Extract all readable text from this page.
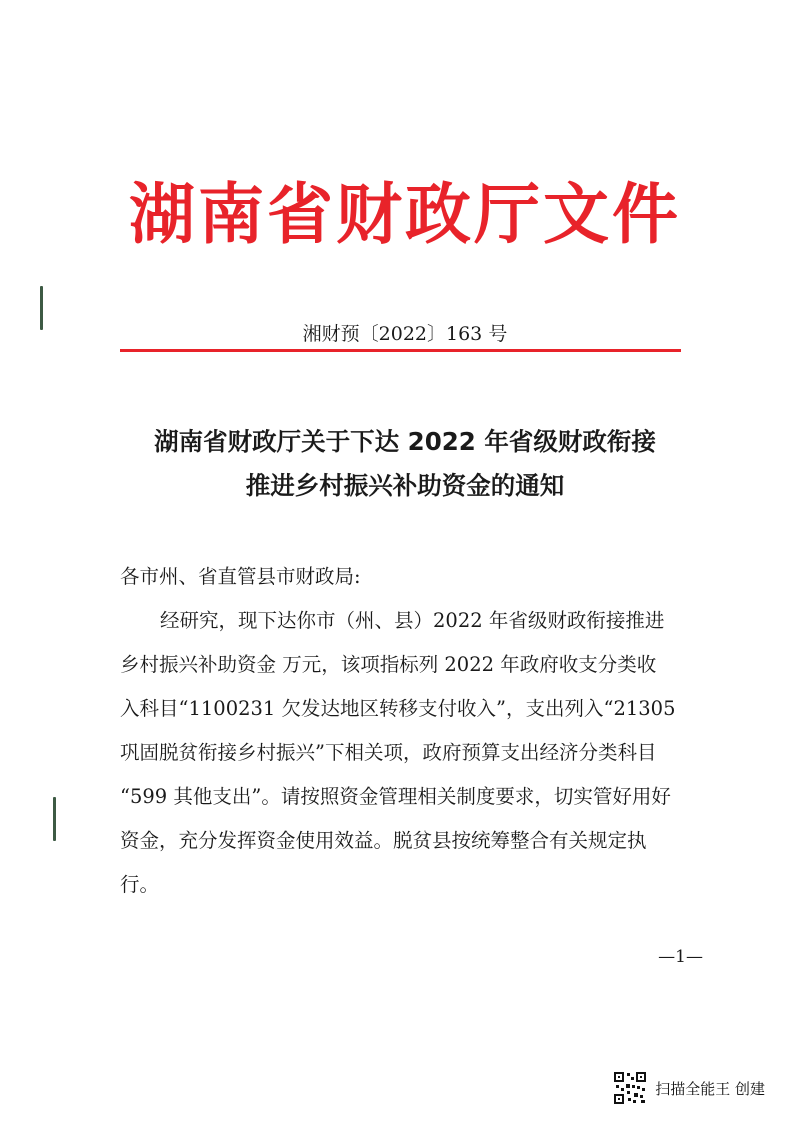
湖南省财政厅文件
湘财预〔2022〕163 号
湖南省财政厅关于下达 2022 年省级财政衔接
推进乡村振兴补助资金的通知
各市州、省直管县市财政局:
经研究，现下达你市（州、县）2022 年省级财政衔接推进
乡村振兴补助资金 万元，该项指标列 2022 年政府收支分类收
入科目“1100231 欠发达地区转移支付收入”，支出列入“21305
巩固脱贫衔接乡村振兴”下相关项，政府预算支出经济分类科目
“599 其他支出”。请按照资金管理相关制度要求，切实管好用好
资金，充分发挥资金使用效益。脱贫县按统筹整合有关规定执
行。
—1—
扫描全能王 创建
